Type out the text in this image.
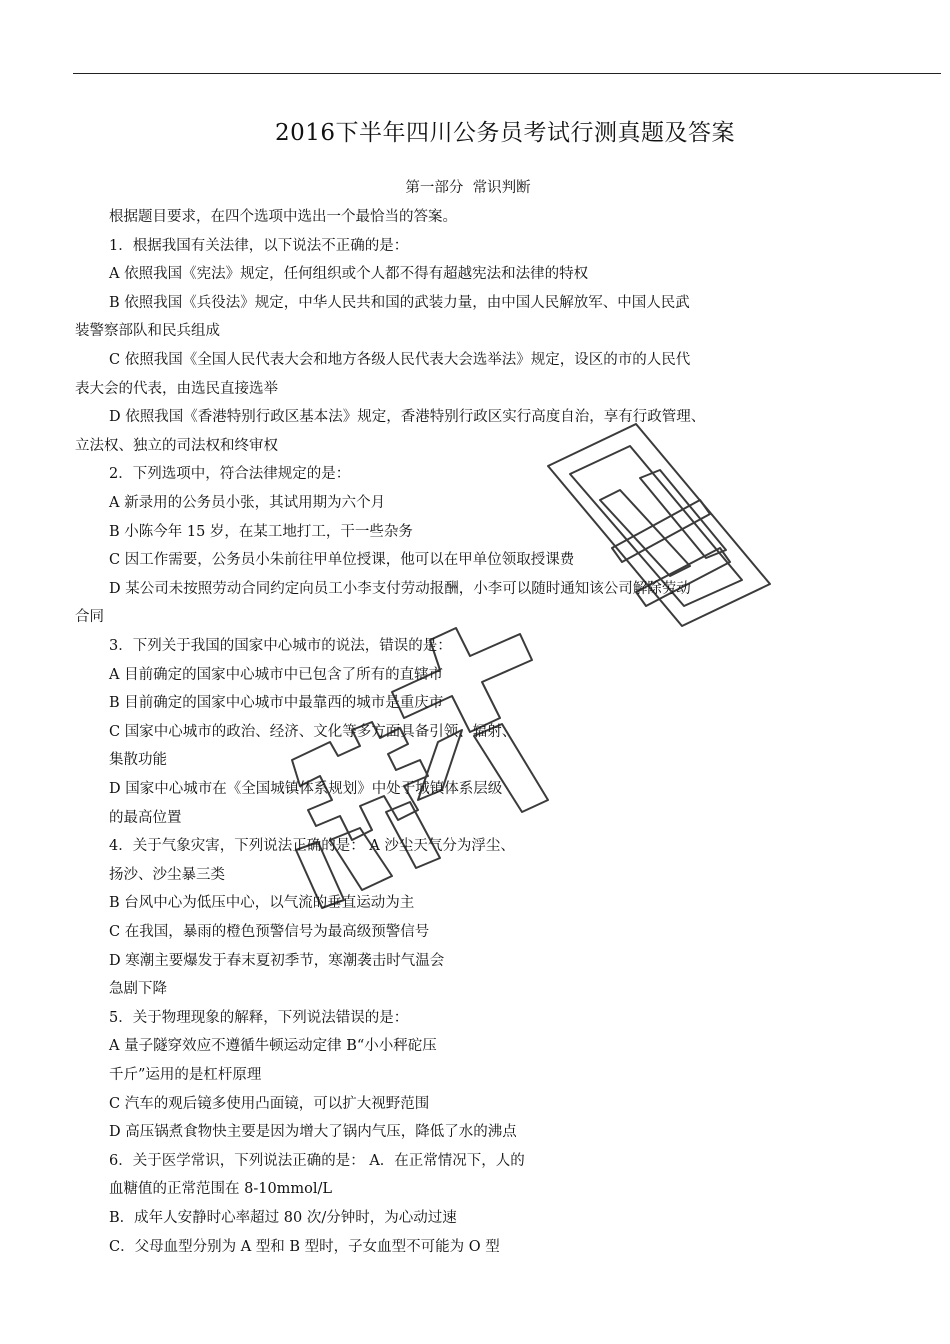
2016下半年四川公务员考试行测真题及答案
第一部分  常识判断
根据题目要求，在四个选项中选出一个最恰当的答案。
1．根据我国有关法律，以下说法不正确的是：
A 依照我国《宪法》规定，任何组织或个人都不得有超越宪法和法律的特权
B 依照我国《兵役法》规定，中华人民共和国的武装力量，由中国人民解放军、中国人民武
装警察部队和民兵组成
C 依照我国《全国人民代表大会和地方各级人民代表大会选举法》规定，设区的市的人民代
表大会的代表，由选民直接选举
D 依照我国《香港特别行政区基本法》规定，香港特别行政区实行高度自治，享有行政管理、
立法权、独立的司法权和终审权
2．下列选项中，符合法律规定的是：
A 新录用的公务员小张，其试用期为六个月
B 小陈今年 15 岁，在某工地打工，干一些杂务
C 因工作需要，公务员小朱前往甲单位授课，他可以在甲单位领取授课费
D 某公司未按照劳动合同约定向员工小李支付劳动报酬，小李可以随时通知该公司解除劳动
合同
3．下列关于我国的国家中心城市的说法，错误的是：
A 目前确定的国家中心城市中已包含了所有的直辖市
B 目前确定的国家中心城市中最靠西的城市是重庆市
C 国家中心城市的政治、经济、文化等多方面具备引领、辐射、
集散功能
D 国家中心城市在《全国城镇体系规划》中处于城镇体系层级
的最高位置
4．关于气象灾害，下列说法正确的是： A 沙尘天气分为浮尘、
扬沙、沙尘暴三类
B 台风中心为低压中心，以气流的垂直运动为主
C 在我国，暴雨的橙色预警信号为最高级预警信号
D 寒潮主要爆发于春末夏初季节，寒潮袭击时气温会
急剧下降
5．关于物理现象的解释，下列说法错误的是：
A 量子隧穿效应不遵循牛顿运动定律 B“小小秤砣压
千斤”运用的是杠杆原理
C 汽车的观后镜多使用凸面镜，可以扩大视野范围
D 高压锅煮食物快主要是因为增大了锅内气压，降低了水的沸点
6．关于医学常识，下列说法正确的是： A．在正常情况下，人的
血糖值的正常范围在 8-10mmol/L
B．成年人安静时心率超过 80 次/分钟时，为心动过速
C．父母血型分别为 A 型和 B 型时，子女血型不可能为 O 型
